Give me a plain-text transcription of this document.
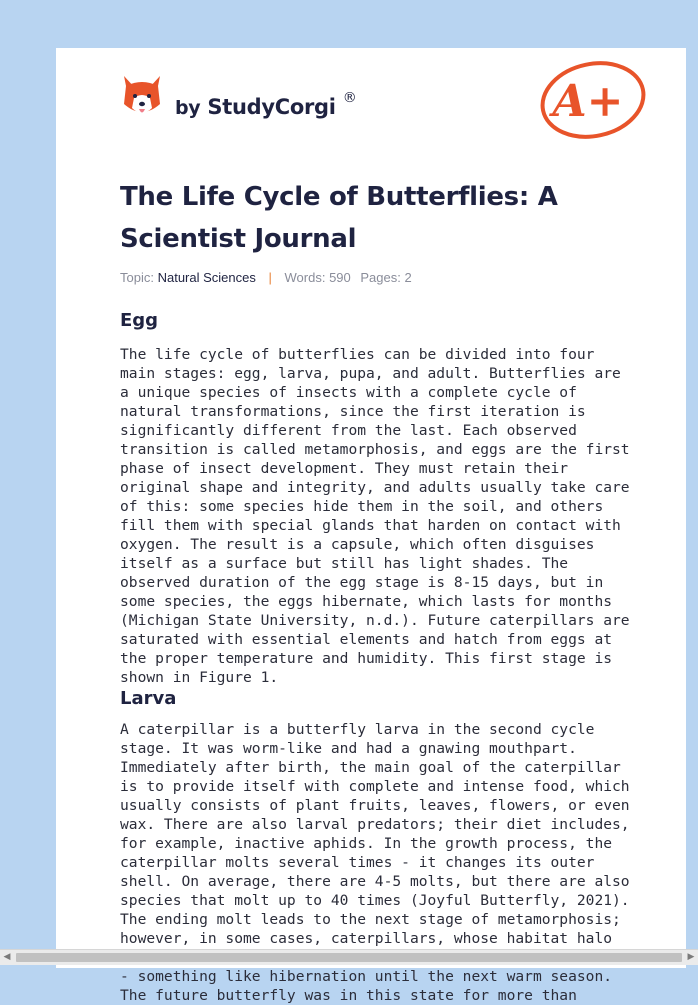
by StudyCorgi ®	A+
The Life Cycle of Butterflies: A Scientist Journal
Topic: Natural Sciences | Words: 590 Pages: 2
Egg

The life cycle of butterflies can be divided into four main stages: egg, larva, pupa, and adult. Butterflies are a unique species of insects with a complete cycle of natural transformations, since the first iteration is significantly different from the last. Each observed transition is called metamorphosis, and eggs are the first phase of insect development. They must retain their original shape and integrity, and adults usually take care of this: some species hide them in the soil, and others fill them with special glands that harden on contact with oxygen. The result is a capsule, which often disguises itself as a surface but still has light shades. The observed duration of the egg stage is 8-15 days, but in some species, the eggs hibernate, which lasts for months (Michigan State University, n.d.). Future caterpillars are saturated with essential elements and hatch from eggs at the proper temperature and humidity. This first stage is shown in Figure 1.

Larva

A caterpillar is a butterfly larva in the second cycle stage. It was worm-like and had a gnawing mouthpart. Immediately after birth, the main goal of the caterpillar is to provide itself with complete and intense food, which usually consists of plant fruits, leaves, flowers, or even wax. There are also larval predators; their diet includes, for example, inactive aphids. In the growth process, the caterpillar molts several times - it changes its outer shell. On average, there are 4-5 molts, but there are also species that molt up to 40 times (Joyful Butterfly, 2021). The ending molt leads to the next stage of metamorphosis; however, in some cases, caterpillars, whose habitat halo - something like hibernation until the next warm season. The future butterfly was in this state for more than

◀	▶
